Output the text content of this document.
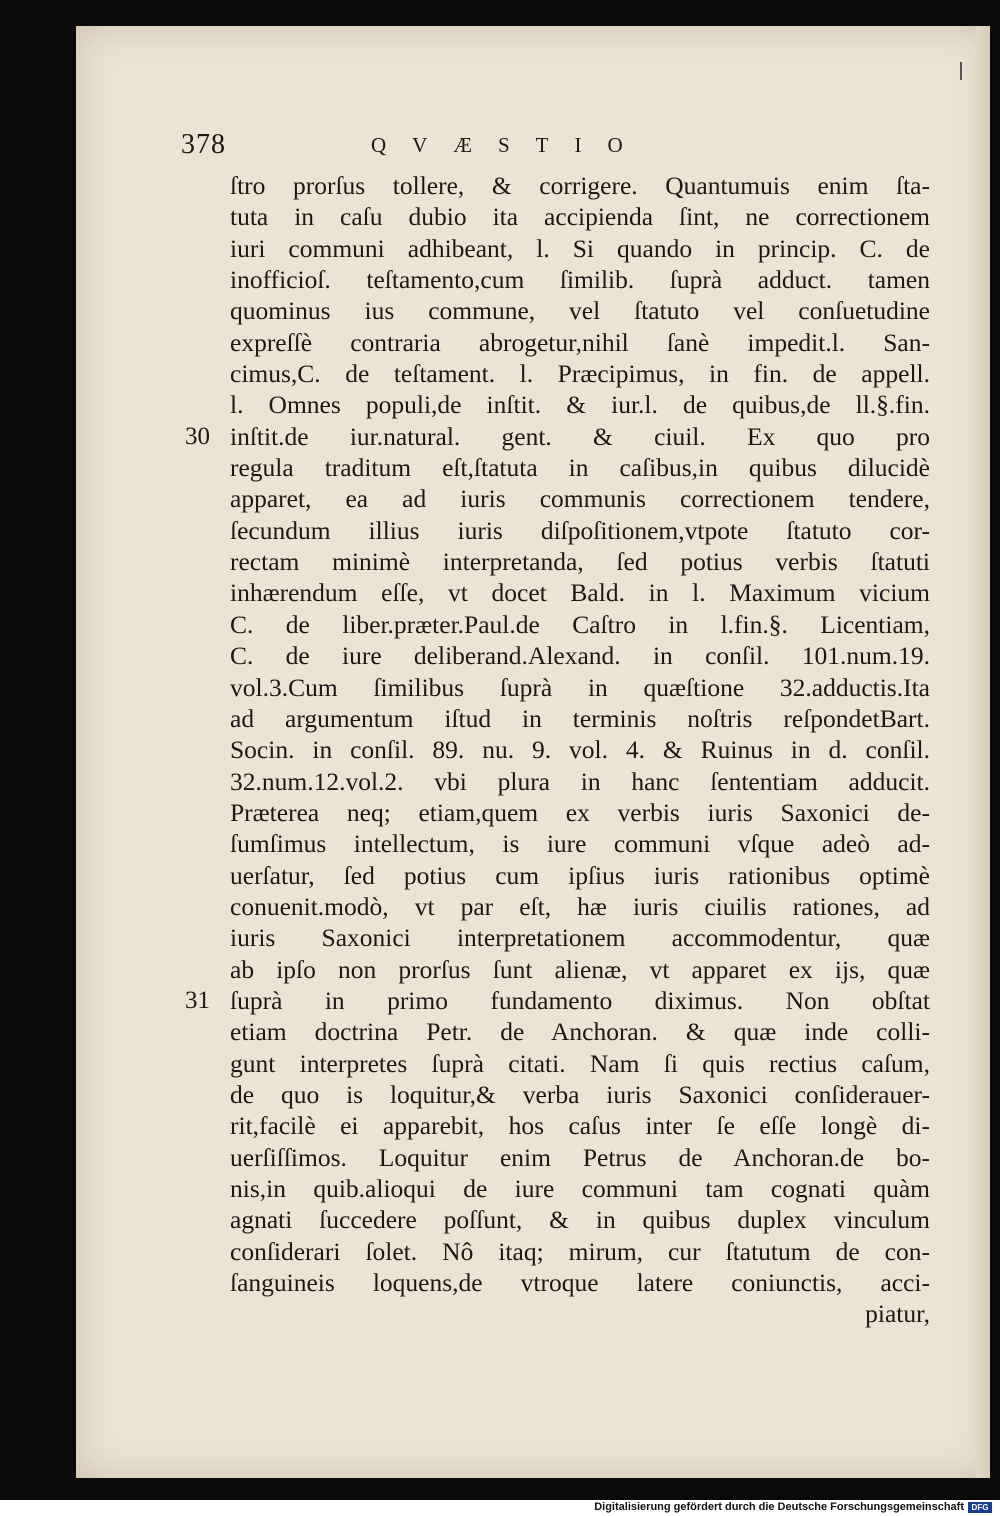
378	QVÆSTIO
ſtro prorſus tollere, & corrigere. Quantumuis enim ſta-
tuta in caſu dubio ita accipienda ſint, ne correctionem
iuri communi adhibeant, l. Si quando in princip. C. de
inofficioſ. teſtamento,cum ſimilib. ſuprà adduct. tamen
quominus ius commune, vel ſtatuto vel conſuetudine
expreſſè contraria abrogetur,nihil ſanè impedit.l. San-
cimus,C. de teſtament. l. Præcipimus, in fin. de appell.
l. Omnes populi,de inſtit. & iur.l. de quibus,de ll.§.fin.
inſtit.de iur.natural. gent. & ciuil. Ex quo pro
regula traditum eſt,ſtatuta in caſibus,in quibus dilucidè
apparet, ea ad iuris communis correctionem tendere,
ſecundum illius iuris diſpoſitionem,vtpote ſtatuto cor-
rectam minimè interpretanda, ſed potius verbis ſtatuti
inhærendum eſſe, vt docet Bald. in l. Maximum vicium
C. de liber.præter.Paul.de Caſtro in l.fin.§. Licentiam,
C. de iure deliberand.Alexand. in conſil. 101.num.19.
vol.3.Cum ſimilibus ſuprà in quæſtione 32.adductis.Ita
ad argumentum iſtud in terminis noſtris reſpondetBart.
Socin. in conſil. 89. nu. 9. vol. 4. & Ruinus in d. conſil.
32.num.12.vol.2. vbi plura in hanc ſententiam adducit.
Præterea neq; etiam,quem ex verbis iuris Saxonici de-
ſumſimus intellectum, is iure communi vſque adeò ad-
uerſatur, ſed potius cum ipſius iuris rationibus optimè
conuenit.modò, vt par eſt, hæ iuris ciuilis rationes, ad
iuris Saxonici interpretationem accommodentur, quæ
ab ipſo non prorſus ſunt alienæ, vt apparet ex ijs, quæ
ſuprà in primo fundamento diximus. Non obſtat
etiam doctrina Petr. de Anchoran. & quæ inde colli-
gunt interpretes ſuprà citati. Nam ſi quis rectius caſum,
de quo is loquitur,& verba iuris Saxonici conſiderauer-
rit,facilè ei apparebit, hos caſus inter ſe eſſe longè di-
uerſiſſimos. Loquitur enim Petrus de Anchoran.de bo-
nis,in quib.alioqui de iure communi tam cognati quàm
agnati ſuccedere poſſunt, & in quibus duplex vinculum
conſiderari ſolet. Nô itaq; mirum, cur ſtatutum de con-
ſanguineis loquens,de vtroque latere coniunctis, acci-
piatur,
30
31
Digitalisierung gefördert durch die Deutsche Forschungsgemeinschaft DFG
